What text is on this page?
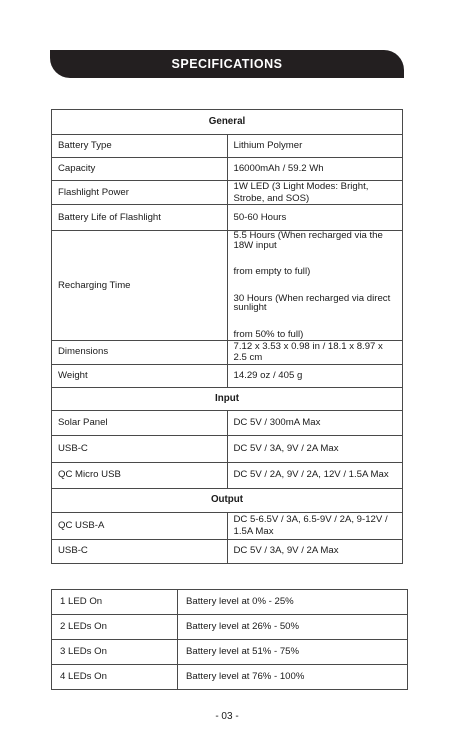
SPECIFICATIONS
General	
Battery Type	Lithium Polymer
Capacity	16000mAh / 59.2 Wh
Flashlight Power	1W LED (3 Light Modes: Bright, Strobe, and SOS)
Battery Life of Flashlight	50-60 Hours
Recharging Time	5.5 Hours (When recharged via the 18W input
from empty to full)
30 Hours (When recharged via direct sunlight
from 50% to full)

Dimensions	7.12 x 3.53 x 0.98 in / 18.1 x 8.97 x 2.5 cm
Weight	14.29 oz / 405 g
Input	
Solar Panel	DC 5V / 300mA Max
USB-C	DC 5V / 3A, 9V / 2A Max
QC Micro USB	DC 5V / 2A, 9V / 2A, 12V / 1.5A Max
Output	
QC USB-A	DC 5-6.5V / 3A, 6.5-9V / 2A, 9-12V / 1.5A Max
USB-C	DC 5V / 3A, 9V / 2A Max
1 LED On	Battery level at 0% - 25%
2 LEDs On	Battery level at 26% - 50%
3 LEDs On	Battery level at 51% - 75%
4 LEDs On	Battery level at 76% - 100%
- 03 -
